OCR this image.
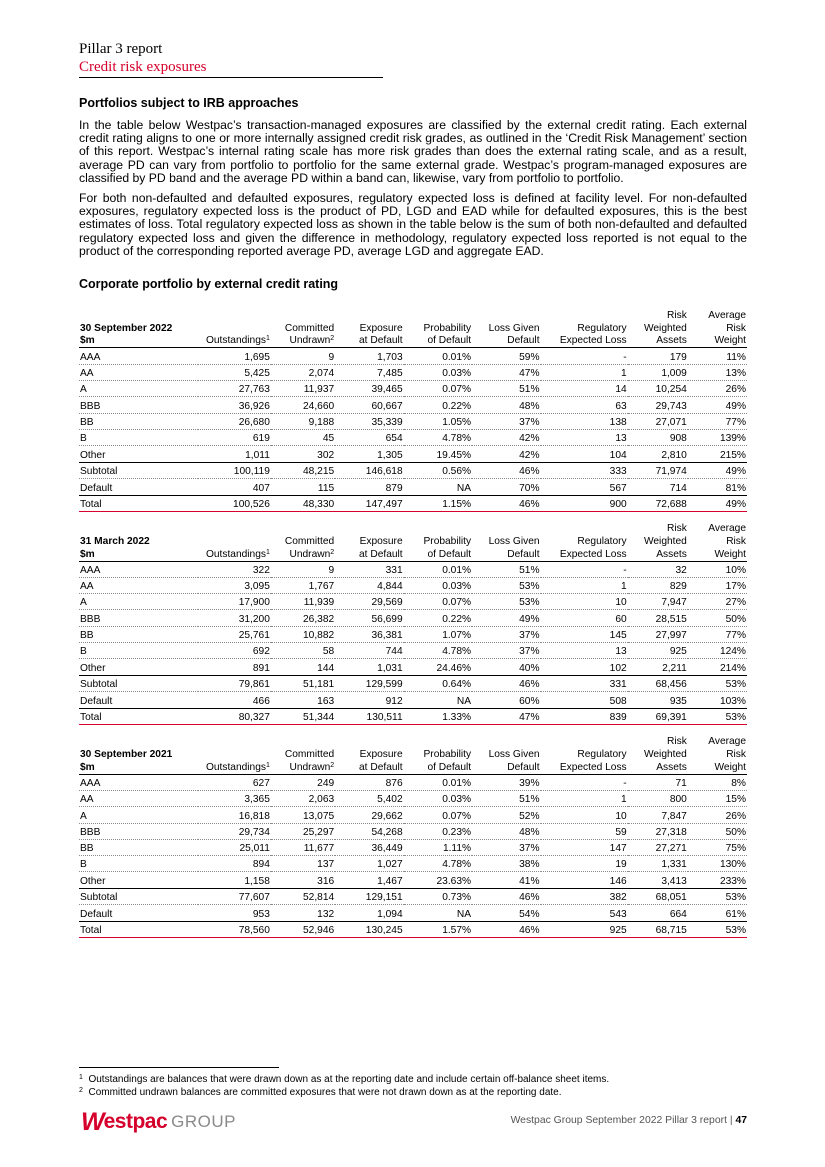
Pillar 3 report
Credit risk exposures
Portfolios subject to IRB approaches

In the table below Westpac’s transaction-managed exposures are classified by the external credit rating. Each external credit rating aligns to one or more internally assigned credit risk grades, as outlined in the ‘Credit Risk Management’ section of this report. Westpac’s internal rating scale has more risk grades than does the external rating scale, and as a result, average PD can vary from portfolio to portfolio for the same external grade. Westpac’s program-managed exposures are classified by PD band and the average PD within a band can, likewise, vary from portfolio to portfolio.

For both non-defaulted and defaulted exposures, regulatory expected loss is defined at facility level. For non-defaulted exposures, regulatory expected loss is the product of PD, LGD and EAD while for defaulted exposures, this is the best estimates of loss. Total regulatory expected loss as shown in the table below is the sum of both non-defaulted and defaulted regulatory expected loss and given the difference in methodology, regulatory expected loss reported is not equal to the product of the corresponding reported average PD, average LGD and aggregate EAD.

Corporate portfolio by external credit rating
							Risk	Average
30 September 2022		Committed	Exposure	Probability	Loss Given	Regulatory	Weighted	Risk
$m	Outstandings$^1$	Undrawn$^2$	at Default	of Default	Default	Expected Loss	Assets	Weight
AAA	1,695	9	1,703	0.01%	59%	-	179	11%
AA	5,425	2,074	7,485	0.03%	47%	1	1,009	13%
A	27,763	11,937	39,465	0.07%	51%	14	10,254	26%
BBB	36,926	24,660	60,667	0.22%	48%	63	29,743	49%
BB	26,680	9,188	35,339	1.05%	37%	138	27,071	77%
B	619	45	654	4.78%	42%	13	908	139%
Other	1,011	302	1,305	19.45%	42%	104	2,810	215%
Subtotal	100,119	48,215	146,618	0.56%	46%	333	71,974	49%
Default	407	115	879	NA	70%	567	714	81%
Total	100,526	48,330	147,497	1.15%	46%	900	72,688	49%
							Risk	Average
31 March 2022		Committed	Exposure	Probability	Loss Given	Regulatory	Weighted	Risk
$m	Outstandings$^1$	Undrawn$^2$	at Default	of Default	Default	Expected Loss	Assets	Weight
AAA	322	9	331	0.01%	51%	-	32	10%
AA	3,095	1,767	4,844	0.03%	53%	1	829	17%
A	17,900	11,939	29,569	0.07%	53%	10	7,947	27%
BBB	31,200	26,382	56,699	0.22%	49%	60	28,515	50%
BB	25,761	10,882	36,381	1.07%	37%	145	27,997	77%
B	692	58	744	4.78%	37%	13	925	124%
Other	891	144	1,031	24.46%	40%	102	2,211	214%
Subtotal	79,861	51,181	129,599	0.64%	46%	331	68,456	53%
Default	466	163	912	NA	60%	508	935	103%
Total	80,327	51,344	130,511	1.33%	47%	839	69,391	53%
							Risk	Average
30 September 2021		Committed	Exposure	Probability	Loss Given	Regulatory	Weighted	Risk
$m	Outstandings$^1$	Undrawn$^2$	at Default	of Default	Default	Expected Loss	Assets	Weight
AAA	627	249	876	0.01%	39%	-	71	8%
AA	3,365	2,063	5,402	0.03%	51%	1	800	15%
A	16,818	13,075	29,662	0.07%	52%	10	7,847	26%
BBB	29,734	25,297	54,268	0.23%	48%	59	27,318	50%
BB	25,011	11,677	36,449	1.11%	37%	147	27,271	75%
B	894	137	1,027	4.78%	38%	19	1,331	130%
Other	1,158	316	1,467	23.63%	41%	146	3,413	233%
Subtotal	77,607	52,814	129,151	0.73%	46%	382	68,051	53%
Default	953	132	1,094	NA	54%	543	664	61%
Total	78,560	52,946	130,245	1.57%	46%	925	68,715	53%
$^1$ Outstandings are balances that were drawn down as at the reporting date and include certain off-balance sheet items.
$^2$ Committed undrawn balances are committed exposures that were not drawn down as at the reporting date.
W estpac GROUP	Westpac Group September 2022 Pillar 3 report | 47
